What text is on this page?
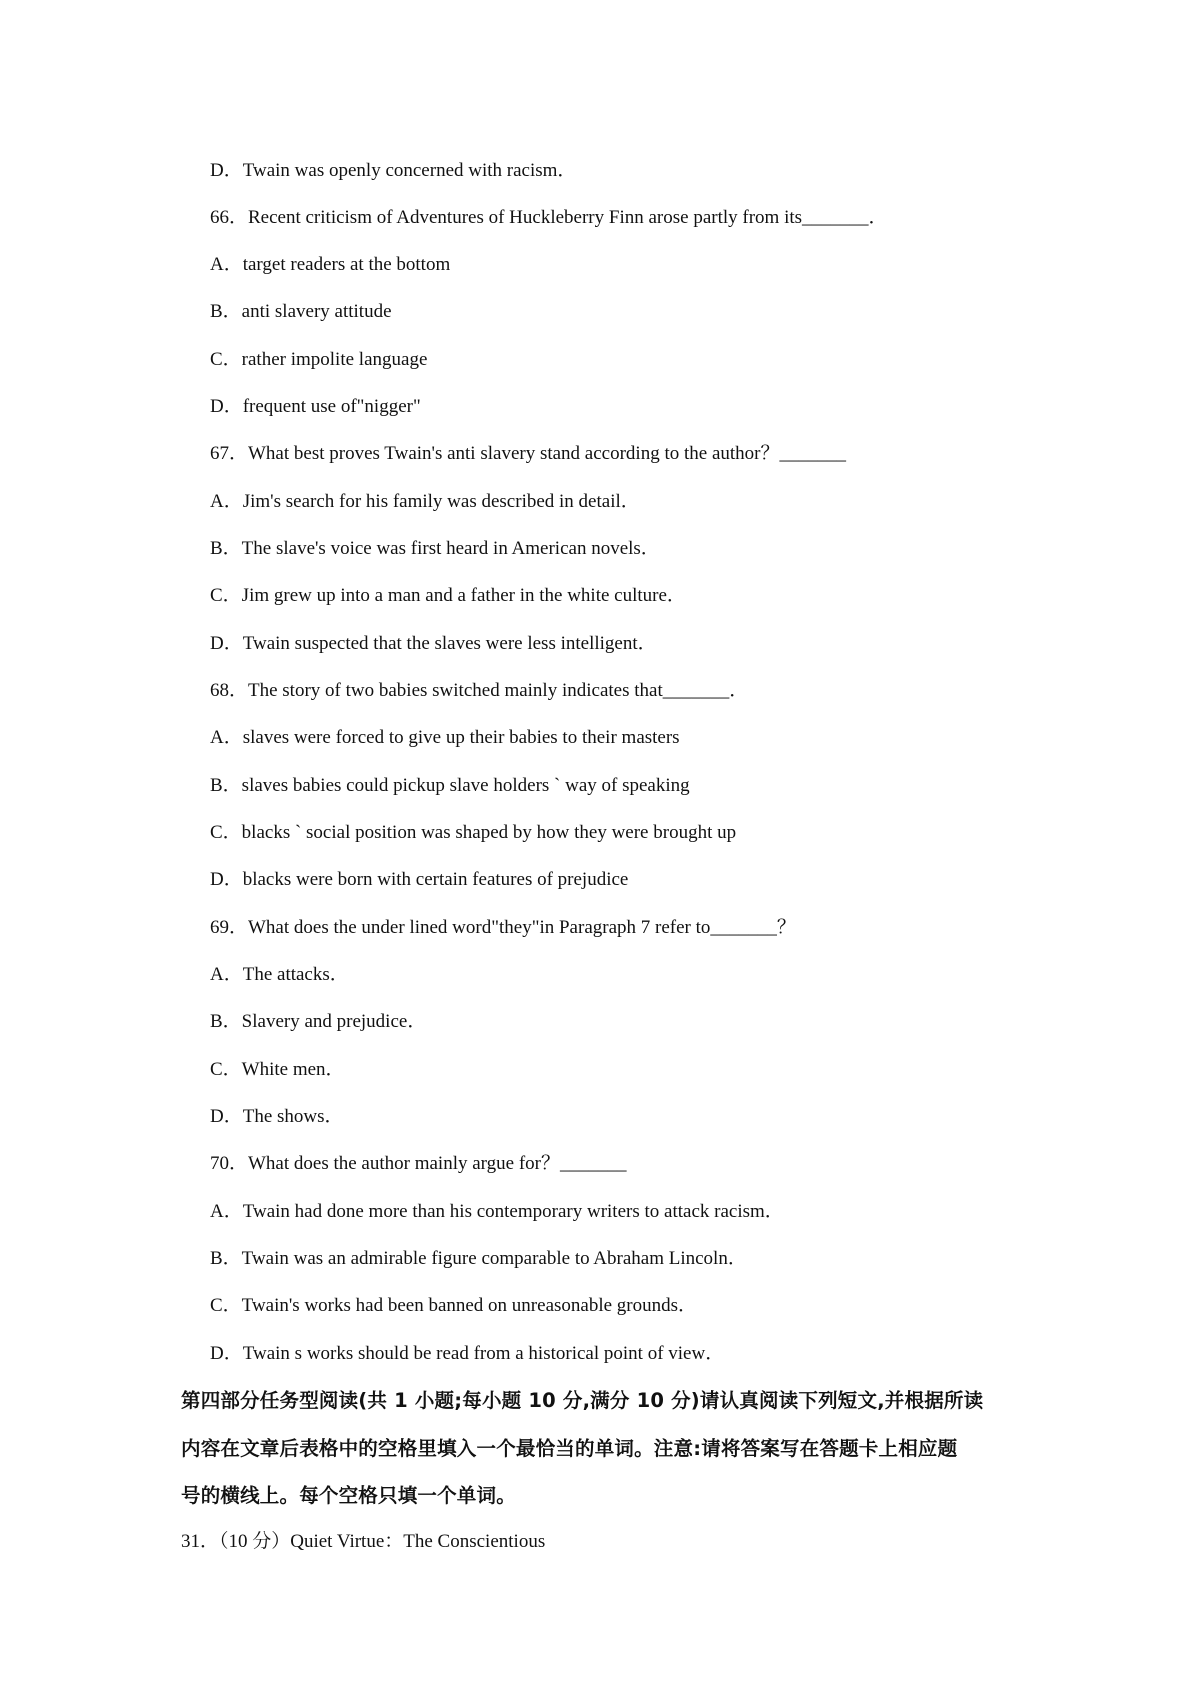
D．Twain was openly concerned with racism．
66．Recent criticism of Adventures of Huckleberry Finn arose partly from its_______．
A．target readers at the bottom
B．anti slavery attitude
C．rather impolite language
D．frequent use of"nigger"
67．What best proves Twain's anti slavery stand according to the author？_______
A．Jim's search for his family was described in detail．
B．The slave's voice was first heard in American novels．
C．Jim grew up into a man and a father in the white culture．
D．Twain suspected that the slaves were less intelligent．
68．The story of two babies switched mainly indicates that_______．
A．slaves were forced to give up their babies to their masters
B．slaves babies could pickup slave holders ˋ way of speaking
C．blacks ˋ social position was shaped by how they were brought up
D．blacks were born with certain features of prejudice
69．What does the under lined word"they"in Paragraph 7 refer to_______？
A．The attacks．
B．Slavery and prejudice．
C．White men．
D．The shows．
70．What does the author mainly argue for？_______
A．Twain had done more than his contemporary writers to attack racism．
B．Twain was an admirable figure comparable to Abraham Lincoln．
C．Twain's works had been banned on unreasonable grounds．
D．Twain s works should be read from a historical point of view．
第四部分任务型阅读(共 1 小题;每小题 10 分,满分 10 分)请认真阅读下列短文,并根据所读
内容在文章后表格中的空格里填入一个最恰当的单词。注意:请将答案写在答题卡上相应题
号的横线上。每个空格只填一个单词。
31．（10 分）Quiet Virtue：The Conscientious
